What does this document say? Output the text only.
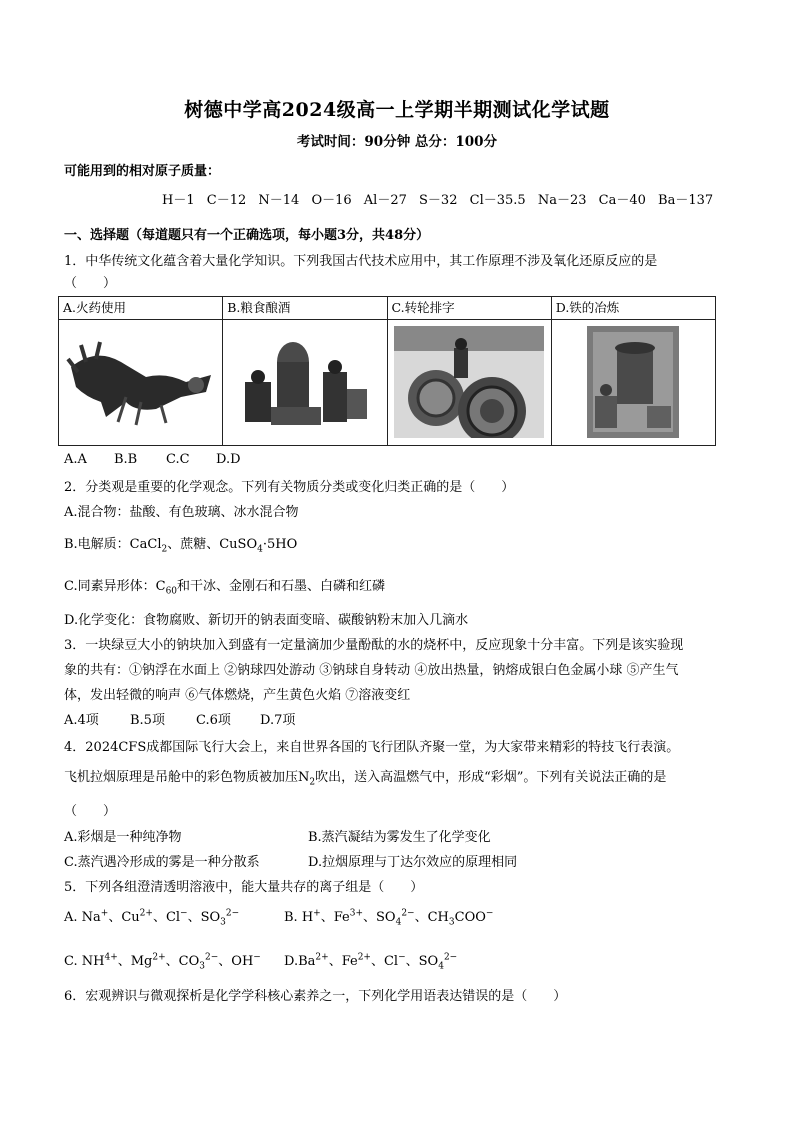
树德中学高2024级高一上学期半期测试化学试题
考试时间：90分钟 总分：100分
可能用到的相对原子质量：
H－1 C－12 N－14 O－16 Al－27 S－32 Cl－35.5 Na－23 Ca－40 Ba－137
一、选择题（每道题只有一个正确选项，每小题3分，共48分）
1．中华传统文化蕴含着大量化学知识。下列我国古代技术应用中，其工作原理不涉及氧化还原反应的是
（　　）
A.火药使用	B.粮食酿酒	C.转轮排字	D.铁的冶炼

A.A B.B C.C D.D
2．分类观是重要的化学观念。下列有关物质分类或变化归类正确的是（　　）
A.混合物：盐酸、有色玻璃、冰水混合物
B.电解质：CaCl$_2$、蔗糖、CuSO$_4$·5HO
C.同素异形体：$C_{60}$和干冰、金刚石和石墨、白磷和红磷
D.化学变化：食物腐败、新切开的钠表面变暗、碳酸钠粉末加入几滴水
3．一块绿豆大小的钠块加入到盛有一定量滴加少量酚酞的水的烧杯中，反应现象十分丰富。下列是该实验现
象的共有：①钠浮在水面上 ②钠球四处游动 ③钠球自身转动 ④放出热量，钠熔成银白色金属小球 ⑤产生气
体，发出轻微的响声 ⑥气体燃烧，产生黄色火焰 ⑦溶液变红
A.4项 B.5项 C.6项 D.7项
4．2024CFS成都国际飞行大会上，来自世界各国的飞行团队齐聚一堂，为大家带来精彩的特技飞行表演。
飞机拉烟原理是吊舱中的彩色物质被加压$N_2$吹出，送入高温燃气中，形成“彩烟”。下列有关说法正确的是
（　　）
A.彩烟是一种纯净物	B.蒸汽凝结为雾发生了化学变化
C.蒸汽遇冷形成的雾是一种分散系	D.拉烟原理与丁达尔效应的原理相同
5．下列各组澄清透明溶液中，能大量共存的离子组是（　　）
A. Na+、$Cu^{2+}$、Cl−、$SO_3^{2-}$	B. H+、$Fe^{3+}$、$SO_4^{2-}$、$CH_3COO^-$
C. $NH^{4+}$、$Mg^{2+}$、$CO_3^{2-}$、OH− $D.Ba^{2+}$、$Fe^{2+}$、Cl−、$SO_4^{2-}$
6．宏观辨识与微观探析是化学学科核心素养之一，下列化学用语表达错误的是（　　）
